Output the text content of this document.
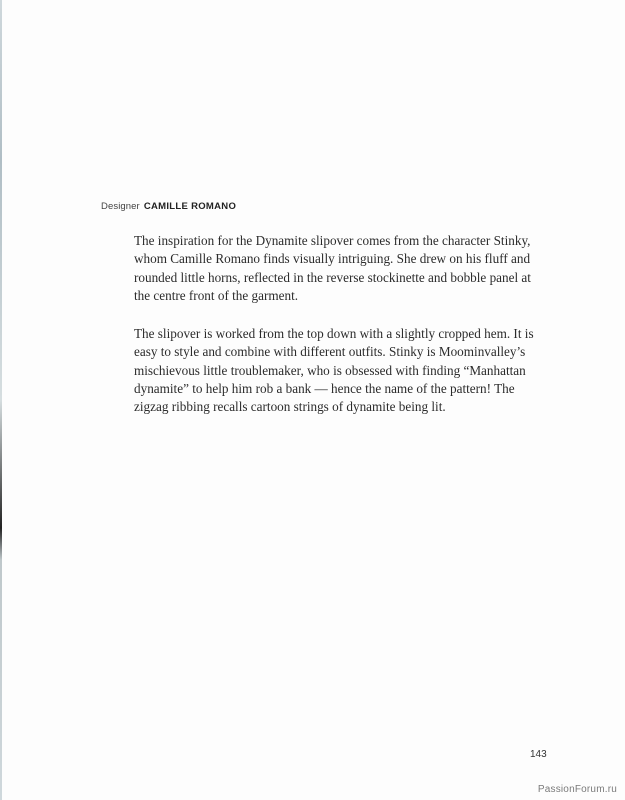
Designer CAMILLE ROMANO

The inspiration for the Dynamite slipover comes from the character Stinky, whom Camille Romano finds visually intriguing. She drew on his fluff and rounded little horns, reflected in the reverse stockinette and bobble panel at the centre front of the garment.

The slipover is worked from the top down with a slightly cropped hem. It is easy to style and combine with different outfits. Stinky is Moominvalley’s mischievous little troublemaker, who is obsessed with finding “Manhattan dynamite” to help him rob a bank — hence the name of the pattern! The zigzag ribbing recalls cartoon strings of dynamite being lit.

143
PassionForum.ru
